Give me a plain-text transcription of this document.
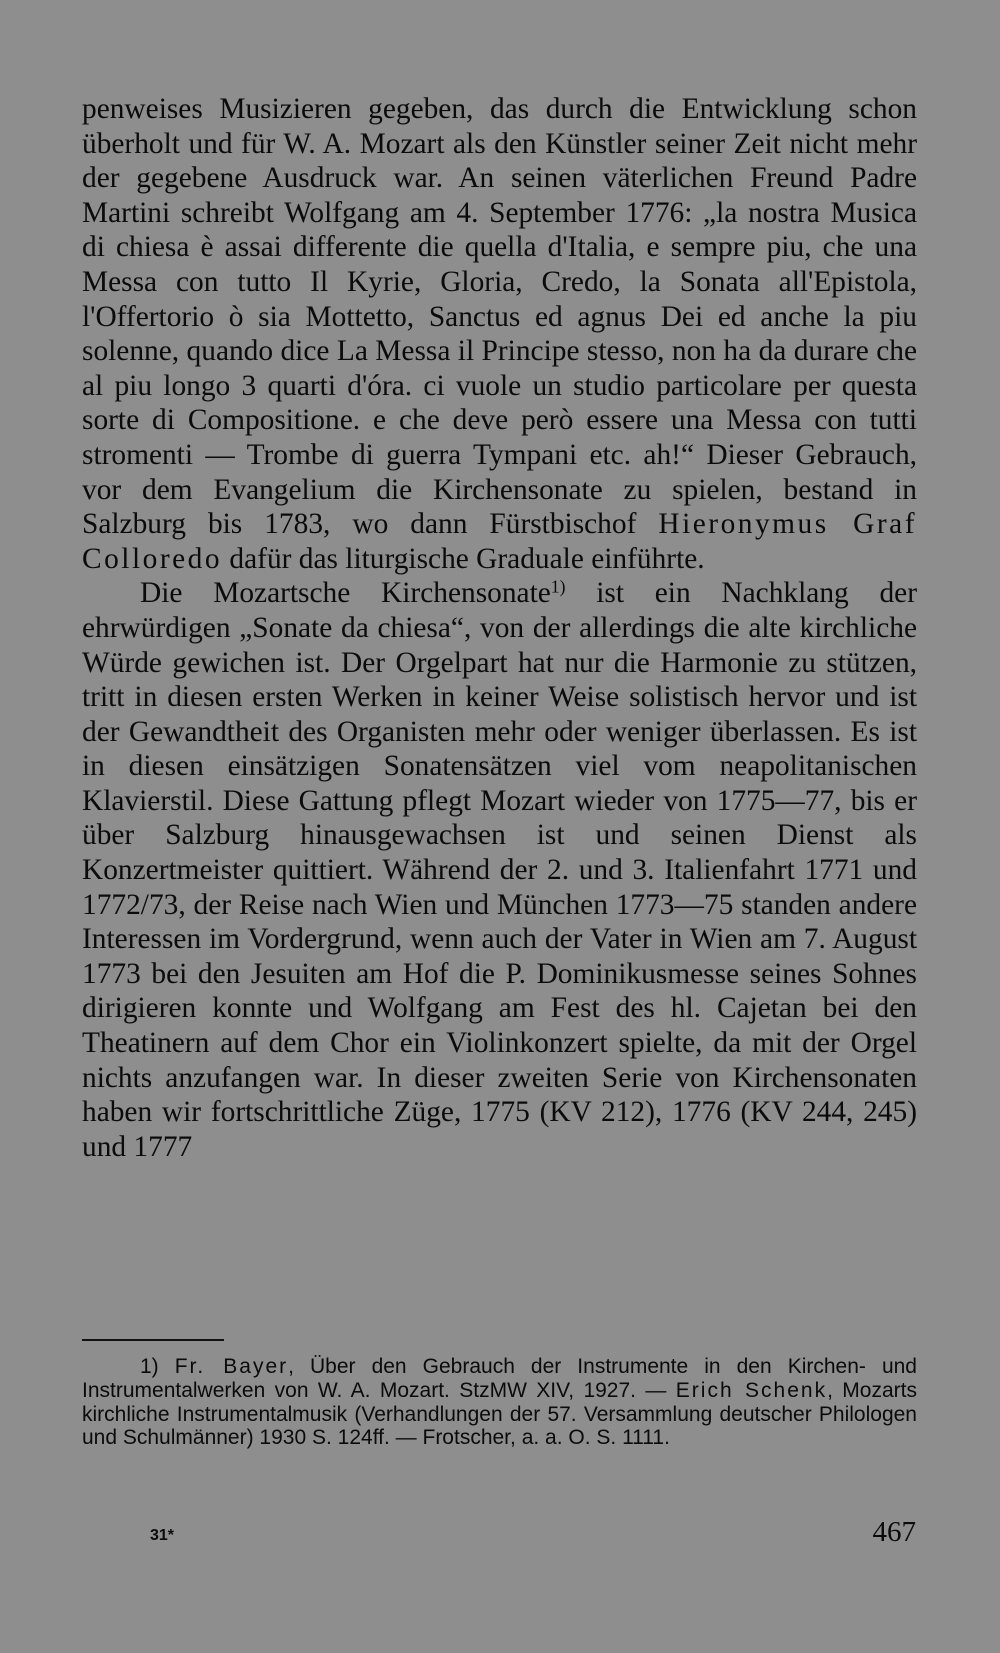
penweises Musizieren gegeben, das durch die Entwicklung schon überholt und für W. A. Mozart als den Künstler seiner Zeit nicht mehr der gegebene Ausdruck war. An seinen väterlichen Freund Padre Martini schreibt Wolfgang am 4. September 1776: „la nostra Musica di chiesa è assai differente die quella d'Italia, e sempre piu, che una Messa con tutto Il Kyrie, Gloria, Credo, la Sonata all'Epistola, l'Offertorio ò sia Mottetto, Sanctus ed agnus Dei ed anche la piu solenne, quando dice La Messa il Principe stesso, non ha da durare che al piu longo 3 quarti d'óra. ci vuole un studio particolare per questa sorte di Compositione. e che deve però essere una Messa con tutti stromenti — Trombe di guerra Tympani etc. ah!“ Dieser Gebrauch, vor dem Evangelium die Kirchensonate zu spielen, bestand in Salzburg bis 1783, wo dann Fürstbischof Hieronymus Graf Colloredo dafür das liturgische Graduale einführte.

Die Mozartsche Kirchensonate$^{1)}$ ist ein Nachklang der ehrwürdigen „Sonate da chiesa“, von der allerdings die alte kirchliche Würde gewichen ist. Der Orgelpart hat nur die Harmonie zu stützen, tritt in diesen ersten Werken in keiner Weise solistisch hervor und ist der Gewandtheit des Organisten mehr oder weniger überlassen. Es ist in diesen einsätzigen Sonatensätzen viel vom neapolitanischen Klavierstil. Diese Gattung pflegt Mozart wieder von 1775—77, bis er über Salzburg hinausgewachsen ist und seinen Dienst als Konzertmeister quittiert. Während der 2. und 3. Italienfahrt 1771 und 1772/73, der Reise nach Wien und München 1773—75 standen andere Interessen im Vordergrund, wenn auch der Vater in Wien am 7. August 1773 bei den Jesuiten am Hof die P. Dominikusmesse seines Sohnes dirigieren konnte und Wolfgang am Fest des hl. Cajetan bei den Theatinern auf dem Chor ein Violinkonzert spielte, da mit der Orgel nichts anzufangen war. In dieser zweiten Serie von Kirchensonaten haben wir fortschrittliche Züge, 1775 (KV 212), 1776 (KV 244, 245) und 1777

1) Fr. Bayer, Über den Gebrauch der Instrumente in den Kirchen- und Instrumentalwerken von W. A. Mozart. StzMW XIV, 1927. — Erich Schenk, Mozarts kirchliche Instrumentalmusik (Verhandlungen der 57. Versammlung deutscher Philologen und Schulmänner) 1930 S. 124ff. — Frotscher, a. a. O. S. 1111.

31*	467
